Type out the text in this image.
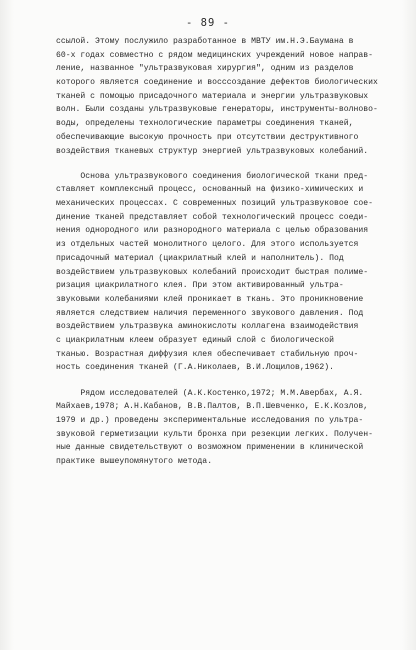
- 89 -
ссылой. Этому послужило разработанное в МВТУ им.Н.Э.Баумана в
60-х годах совместно с рядом медицинских учреждений новое направ-
ление, названное "ультразвуковая хирургия", одним из разделов
которого является соединение и восссоздание дефектов биологических
тканей с помощью присадочного материала и энергии ультразвуковых
волн. Были созданы ультразвуковые генераторы, инструменты-волново-
воды, определены технологические параметры соединения тканей,
обеспечивающие высокую прочность при отсутствии деструктивного
воздействия тканевых структур энергией ультразвуковых колебаний.
Основа ультразвукового соединения биологической ткани пред-
ставляет комплексный процесс, основанный на физико-химических и
механических процессах. С современных позиций ультразвуковое сое-
динение тканей представляет собой технологический процесс соеди-
нения однородного или разнородного материала с целью образования
из отдельных частей монолитного целого. Для этого используется
присадочный материал (циакрилатный клей и наполнитель). Под
воздействием ультразвуковых колебаний происходит быстрая полиме-
ризация циакрилатного клея. При этом активированный ультра-
звуковыми колебаниями клей проникает в ткань. Это проникновение
является следствием наличия переменного звукового давления. Под
воздействием ультразвука аминокислоты коллагена взаимодействия
с циакрилатным клеем образует единый слой с биологической
тканью. Возрастная диффузия клея обеспечивает стабильную проч-
ность соединения тканей (Г.А.Николаев, В.И.Лощилов,1962).
Рядом исследователей (А.К.Костенко,1972; М.М.Авербах, А.Я.
Майхаев,1978; А.Н.Кабанов, В.В.Палтов, В.П.Шевченко, Е.К.Козлов,
1979 и др.) проведены экспериментальные исследования по ультра-
звуковой герметизации культи бронха при резекции легких. Получен-
ные данные свидетельствуют о возможном применении в клинической
практике вышеупомянутого метода.
